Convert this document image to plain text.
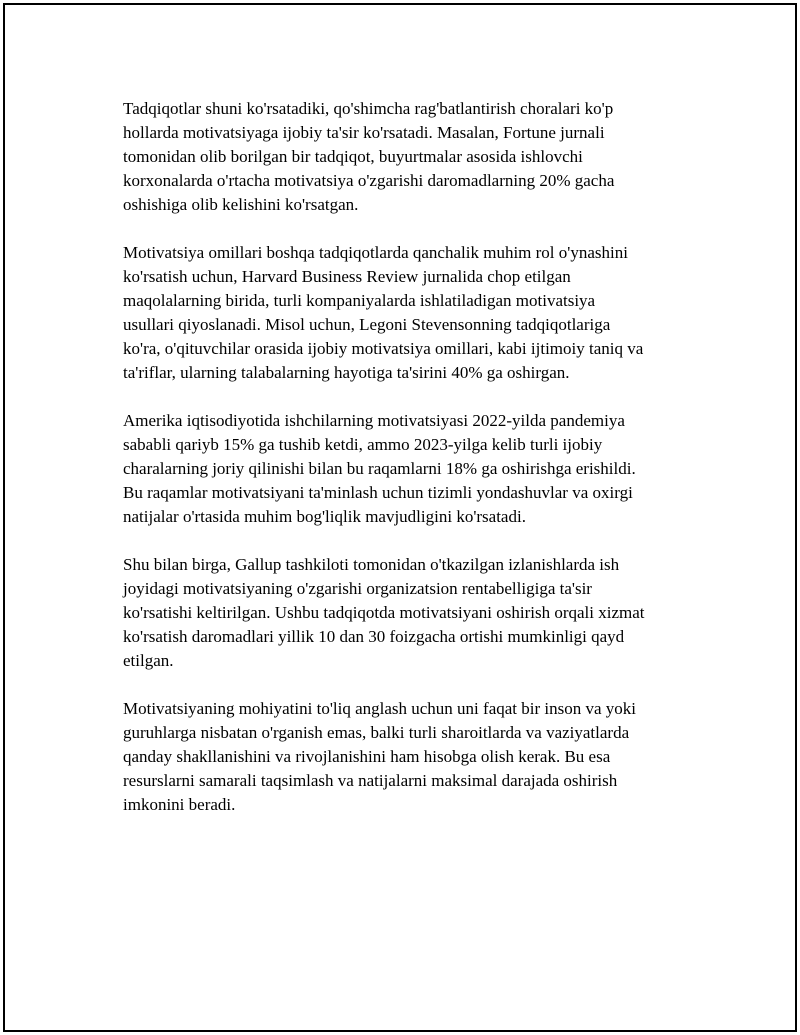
Tadqiqotlar shuni ko'rsatadiki, qo'shimcha rag'batlantirish choralari ko'p
hollarda motivatsiyaga ijobiy ta'sir ko'rsatadi. Masalan, Fortune jurnali
tomonidan olib borilgan bir tadqiqot, buyurtmalar asosida ishlovchi
korxonalarda o'rtacha motivatsiya o'zgarishi daromadlarning 20% gacha
oshishiga olib kelishini ko'rsatgan.

Motivatsiya omillari boshqa tadqiqotlarda qanchalik muhim rol o'ynashini
ko'rsatish uchun, Harvard Business Review jurnalida chop etilgan
maqolalarning birida, turli kompaniyalarda ishlatiladigan motivatsiya
usullari qiyoslanadi. Misol uchun, Legoni Stevensonning tadqiqotlariga
ko'ra, o'qituvchilar orasida ijobiy motivatsiya omillari, kabi ijtimoiy taniq va
ta'riflar, ularning talabalarning hayotiga ta'sirini 40% ga oshirgan.

Amerika iqtisodiyotida ishchilarning motivatsiyasi 2022-yilda pandemiya
sababli qariyb 15% ga tushib ketdi, ammo 2023-yilga kelib turli ijobiy
charalarning joriy qilinishi bilan bu raqamlarni 18% ga oshirishga erishildi.
Bu raqamlar motivatsiyani ta'minlash uchun tizimli yondashuvlar va oxirgi
natijalar o'rtasida muhim bog'liqlik mavjudligini ko'rsatadi.

Shu bilan birga, Gallup tashkiloti tomonidan o'tkazilgan izlanishlarda ish
joyidagi motivatsiyaning o'zgarishi organizatsion rentabelligiga ta'sir
ko'rsatishi keltirilgan. Ushbu tadqiqotda motivatsiyani oshirish orqali xizmat
ko'rsatish daromadlari yillik 10 dan 30 foizgacha ortishi mumkinligi qayd
etilgan.

Motivatsiyaning mohiyatini to'liq anglash uchun uni faqat bir inson va yoki
guruhlarga nisbatan o'rganish emas, balki turli sharoitlarda va vaziyatlarda
qanday shakllanishini va rivojlanishini ham hisobga olish kerak. Bu esa
resurslarni samarali taqsimlash va natijalarni maksimal darajada oshirish
imkonini beradi.
